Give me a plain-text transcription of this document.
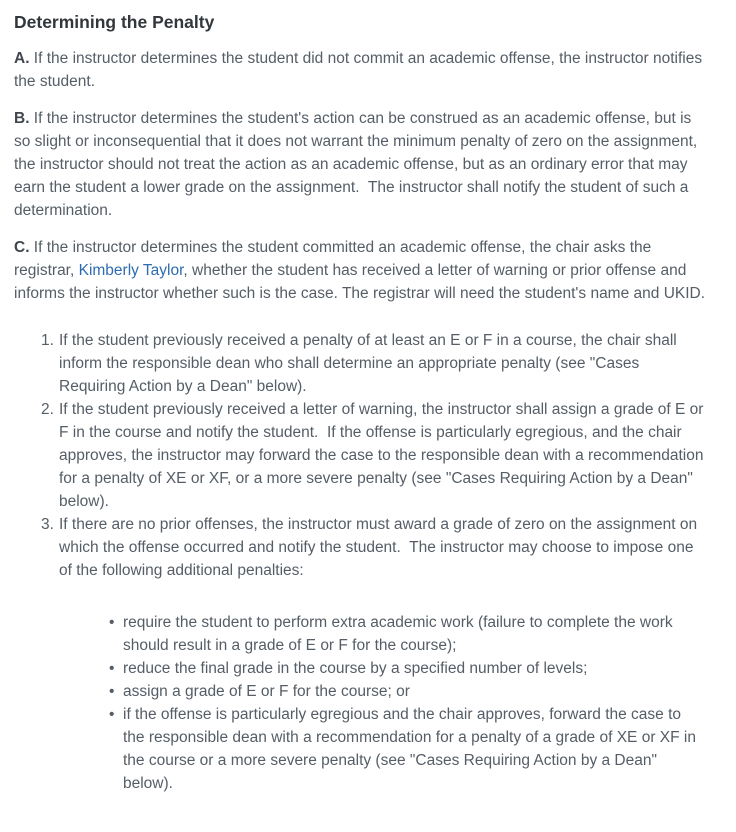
Determining the Penalty

A. If the instructor determines the student did not commit an academic offense, the instructor notifies the student.

B. If the instructor determines the student's action can be construed as an academic offense, but is so slight or inconsequential that it does not warrant the minimum penalty of zero on the assignment, the instructor should not treat the action as an academic offense, but as an ordinary error that may earn the student a lower grade on the assignment.  The instructor shall notify the student of such a determination.

C. If the instructor determines the student committed an academic offense, the chair asks the registrar, Kimberly Taylor, whether the student has received a letter of warning or prior offense and informs the instructor whether such is the case. The registrar will need the student's name and UKID.

1. If the student previously received a penalty of at least an E or F in a course, the chair shall inform the responsible dean who shall determine an appropriate penalty (see "Cases Requiring Action by a Dean" below).
2. If the student previously received a letter of warning, the instructor shall assign a grade of E or F in the course and notify the student.  If the offense is particularly egregious, and the chair approves, the instructor may forward the case to the responsible dean with a recommendation for a penalty of XE or XF, or a more severe penalty (see "Cases Requiring Action by a Dean" below).
3. If there are no prior offenses, the instructor must award a grade of zero on the assignment on which the offense occurred and notify the student.  The instructor may choose to impose one of the following additional penalties:
• require the student to perform extra academic work (failure to complete the work should result in a grade of E or F for the course);
• reduce the final grade in the course by a specified number of levels;
• assign a grade of E or F for the course; or
• if the offense is particularly egregious and the chair approves, forward the case to the responsible dean with a recommendation for a penalty of a grade of XE or XF in the course or a more severe penalty (see "Cases Requiring Action by a Dean" below).
